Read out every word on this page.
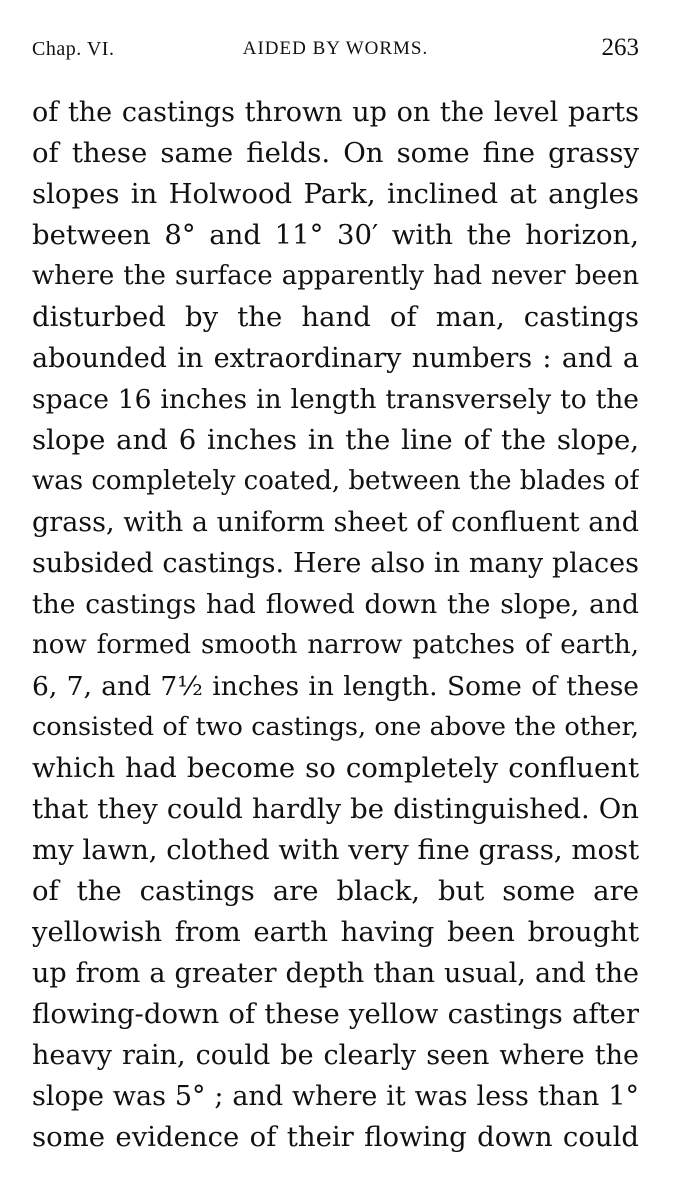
Chap. VI.	AIDED BY WORMS.	263
of the castings thrown up on the level parts
of these same fields. On some fine grassy
slopes in Holwood Park, inclined at angles
between 8° and 11° 30′ with the horizon,
where the surface apparently had never been
disturbed by the hand of man, castings
abounded in extraordinary numbers : and a
space 16 inches in length transversely to the
slope and 6 inches in the line of the slope,
was completely coated, between the blades of
grass, with a uniform sheet of confluent and
subsided castings. Here also in many places
the castings had flowed down the slope, and
now formed smooth narrow patches of earth,
6, 7, and 7½ inches in length. Some of these
consisted of two castings, one above the other,
which had become so completely confluent
that they could hardly be distinguished. On
my lawn, clothed with very fine grass, most
of the castings are black, but some are
yellowish from earth having been brought
up from a greater depth than usual, and the
flowing-down of these yellow castings after
heavy rain, could be clearly seen where the
slope was 5° ; and where it was less than 1°
some evidence of their flowing down could
